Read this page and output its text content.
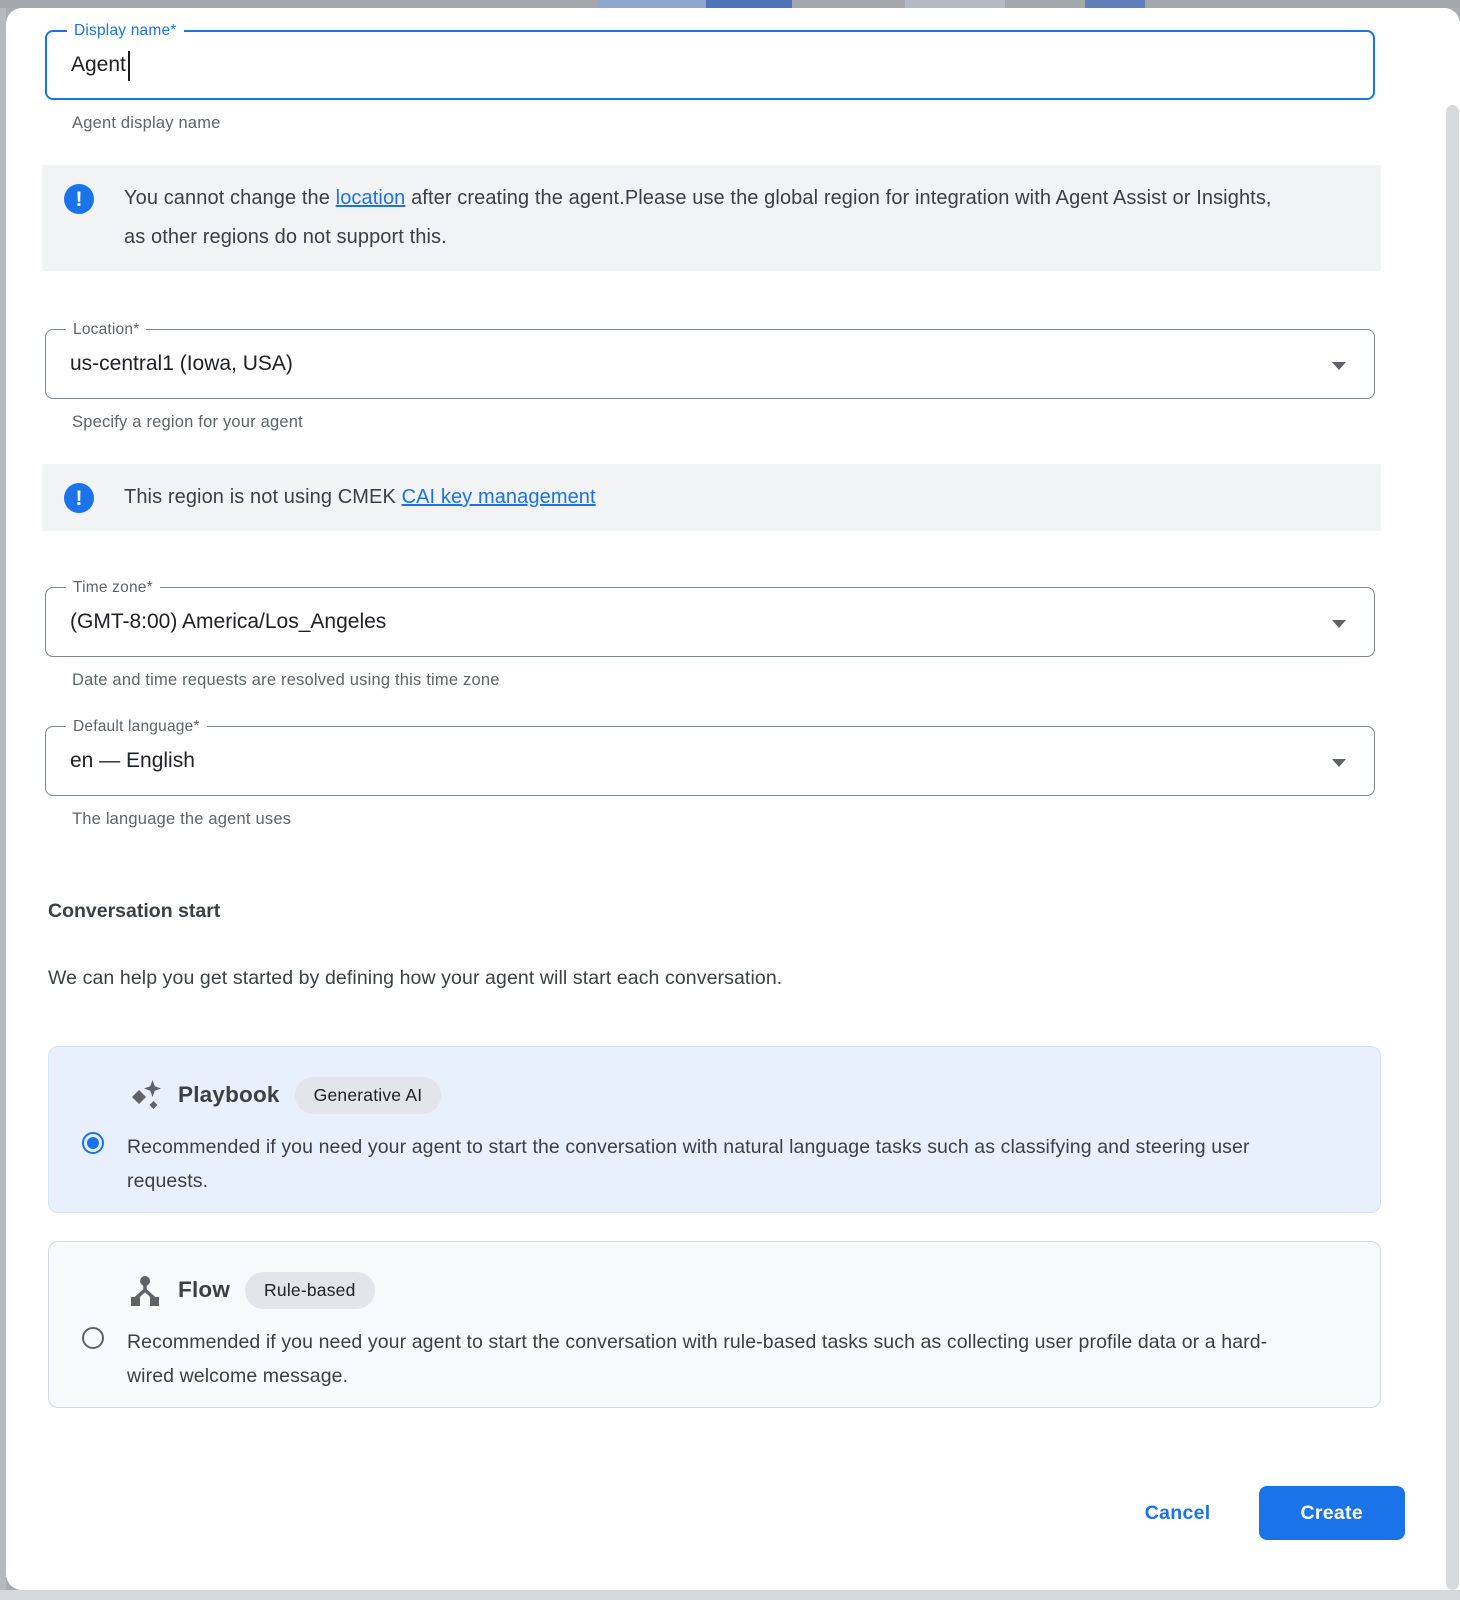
Display name*
Agent
Agent display name
!	You cannot change the location after creating the agent.Please use the global region for integration with Agent Assist or Insights, as other regions do not support this.
Location*
us-central1 (Iowa, USA)
Specify a region for your agent
!	This region is not using CMEK CAI key management
Time zone*
(GMT-8:00) America/Los_Angeles
Date and time requests are resolved using this time zone
Default language*
en — English
The language the agent uses
Conversation start
We can help you get started by defining how your agent will start each conversation.
Playbook	Generative AI
Recommended if you need your agent to start the conversation with natural language tasks such as classifying and steering user requests.
Flow	Rule-based
Recommended if you need your agent to start the conversation with rule-based tasks such as collecting user profile data or a hard-wired welcome message.
Cancel	Create
